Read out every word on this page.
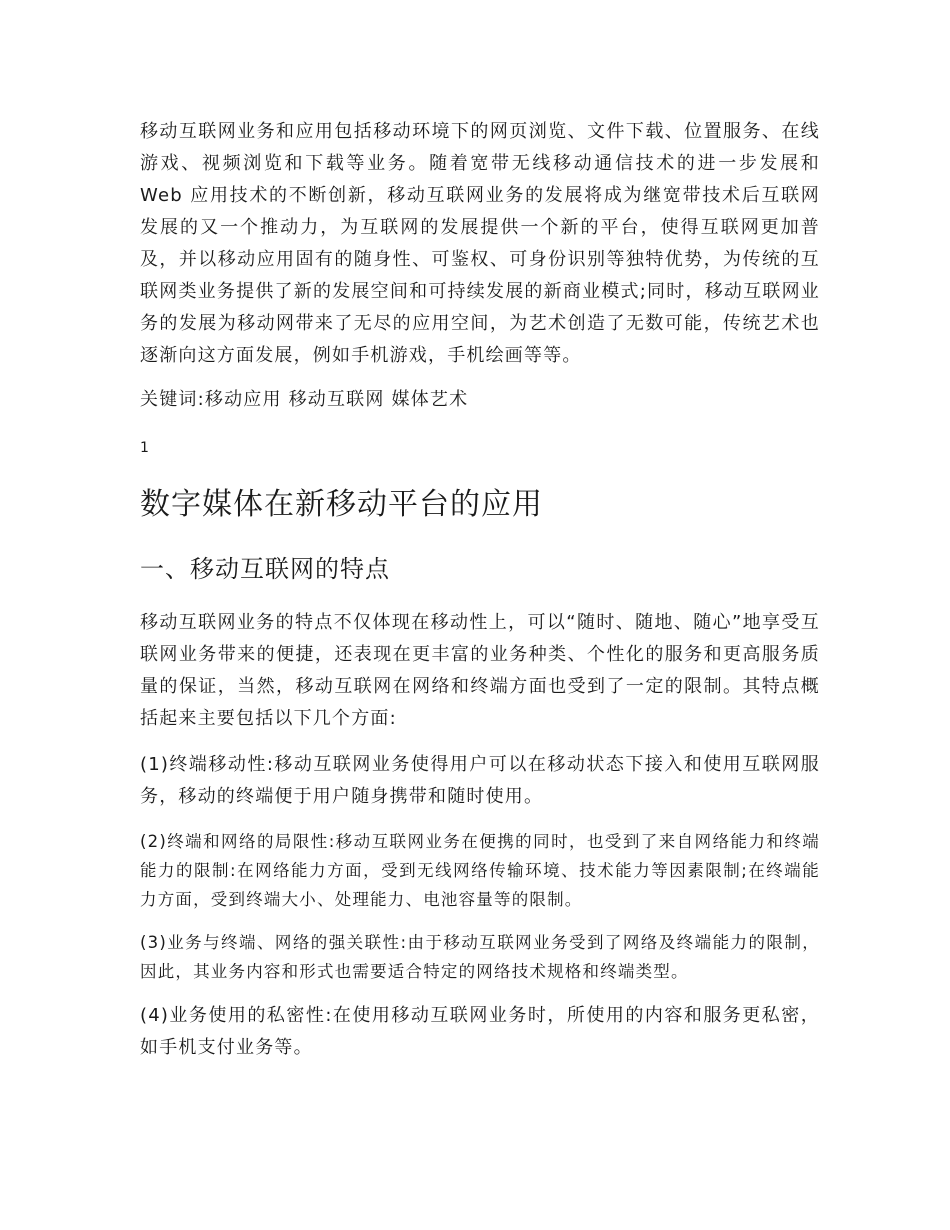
移动互联网业务和应用包括移动环境下的网页浏览、文件下载、位置服务、在线游戏、视频浏览和下载等业务。随着宽带无线移动通信技术的进一步发展和 Web 应用技术的不断创新，移动互联网业务的发展将成为继宽带技术后互联网发展的又一个推动力，为互联网的发展提供一个新的平台，使得互联网更加普及，并以移动应用固有的随身性、可鉴权、可身份识别等独特优势，为传统的互联网类业务提供了新的发展空间和可持续发展的新商业模式;同时，移动互联网业务的发展为移动网带来了无尽的应用空间，为艺术创造了无数可能，传统艺术也逐渐向这方面发展，例如手机游戏，手机绘画等等。

关键词:移动应用 移动互联网 媒体艺术

1
数字媒体在新移动平台的应用
一、移动互联网的特点

移动互联网业务的特点不仅体现在移动性上，可以“随时、随地、随心”地享受互联网业务带来的便捷，还表现在更丰富的业务种类、个性化的服务和更高服务质量的保证，当然，移动互联网在网络和终端方面也受到了一定的限制。其特点概括起来主要包括以下几个方面:

(1)终端移动性:移动互联网业务使得用户可以在移动状态下接入和使用互联网服务，移动的终端便于用户随身携带和随时使用。

(2)终端和网络的局限性:移动互联网业务在便携的同时，也受到了来自网络能力和终端能力的限制:在网络能力方面，受到无线网络传输环境、技术能力等因素限制;在终端能力方面，受到终端大小、处理能力、电池容量等的限制。

(3)业务与终端、网络的强关联性:由于移动互联网业务受到了网络及终端能力的限制，因此，其业务内容和形式也需要适合特定的网络技术规格和终端类型。

(4)业务使用的私密性:在使用移动互联网业务时，所使用的内容和服务更私密，如手机支付业务等。
